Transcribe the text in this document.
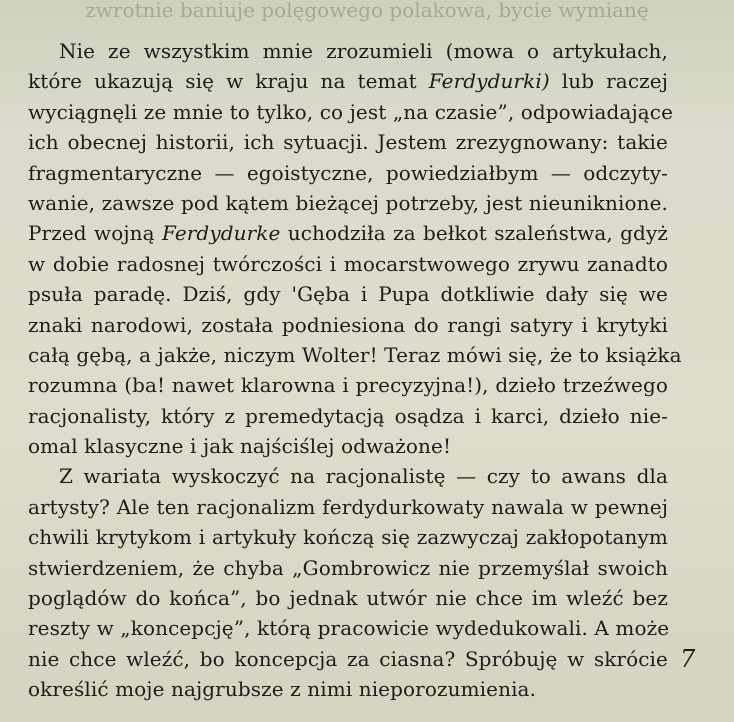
zwrotnie baniuje polęgowego polakowa, bycie wymianę
Nie ze wszystkim mnie zrozumieli (mowa o artykułach,
które ukazują się w kraju na temat Ferdydurki) lub raczej
wyciągnęli ze mnie to tylko, co jest „na czasie”, odpowiadające
ich obecnej historii, ich sytuacji. Jestem zrezygnowany: takie
fragmentaryczne — egoistyczne, powiedziałbym — odczyty-
wanie, zawsze pod kątem bieżącej potrzeby, jest nieuniknione.
Przed wojną Ferdydurke uchodziła za bełkot szaleństwa, gdyż
w dobie radosnej twórczości i mocarstwowego zrywu zanadto
psuła paradę. Dziś, gdy 'Gęba i Pupa dotkliwie dały się we
znaki narodowi, została podniesiona do rangi satyry i krytyki
całą gębą, a jakże, niczym Wolter! Teraz mówi się, że to książka
rozumna (ba! nawet klarowna i precyzyjna!), dzieło trzeźwego
racjonalisty, który z premedytacją osądza i karci, dzieło nie-
omal klasyczne i jak najściślej odważone!
Z wariata wyskoczyć na racjonalistę — czy to awans dla
artysty? Ale ten racjonalizm ferdydurkowaty nawala w pewnej
chwili krytykom i artykuły kończą się zazwyczaj zakłopotanym
stwierdzeniem, że chyba „Gombrowicz nie przemyślał swoich
poglądów do końca”, bo jednak utwór nie chce im wleźć bez
reszty w „koncepcję”, którą pracowicie wydedukowali. A może
nie chce wleźć, bo koncepcja za ciasna? Spróbuję w skrócie
określić moje najgrubsze z nimi nieporozumienia.
7
